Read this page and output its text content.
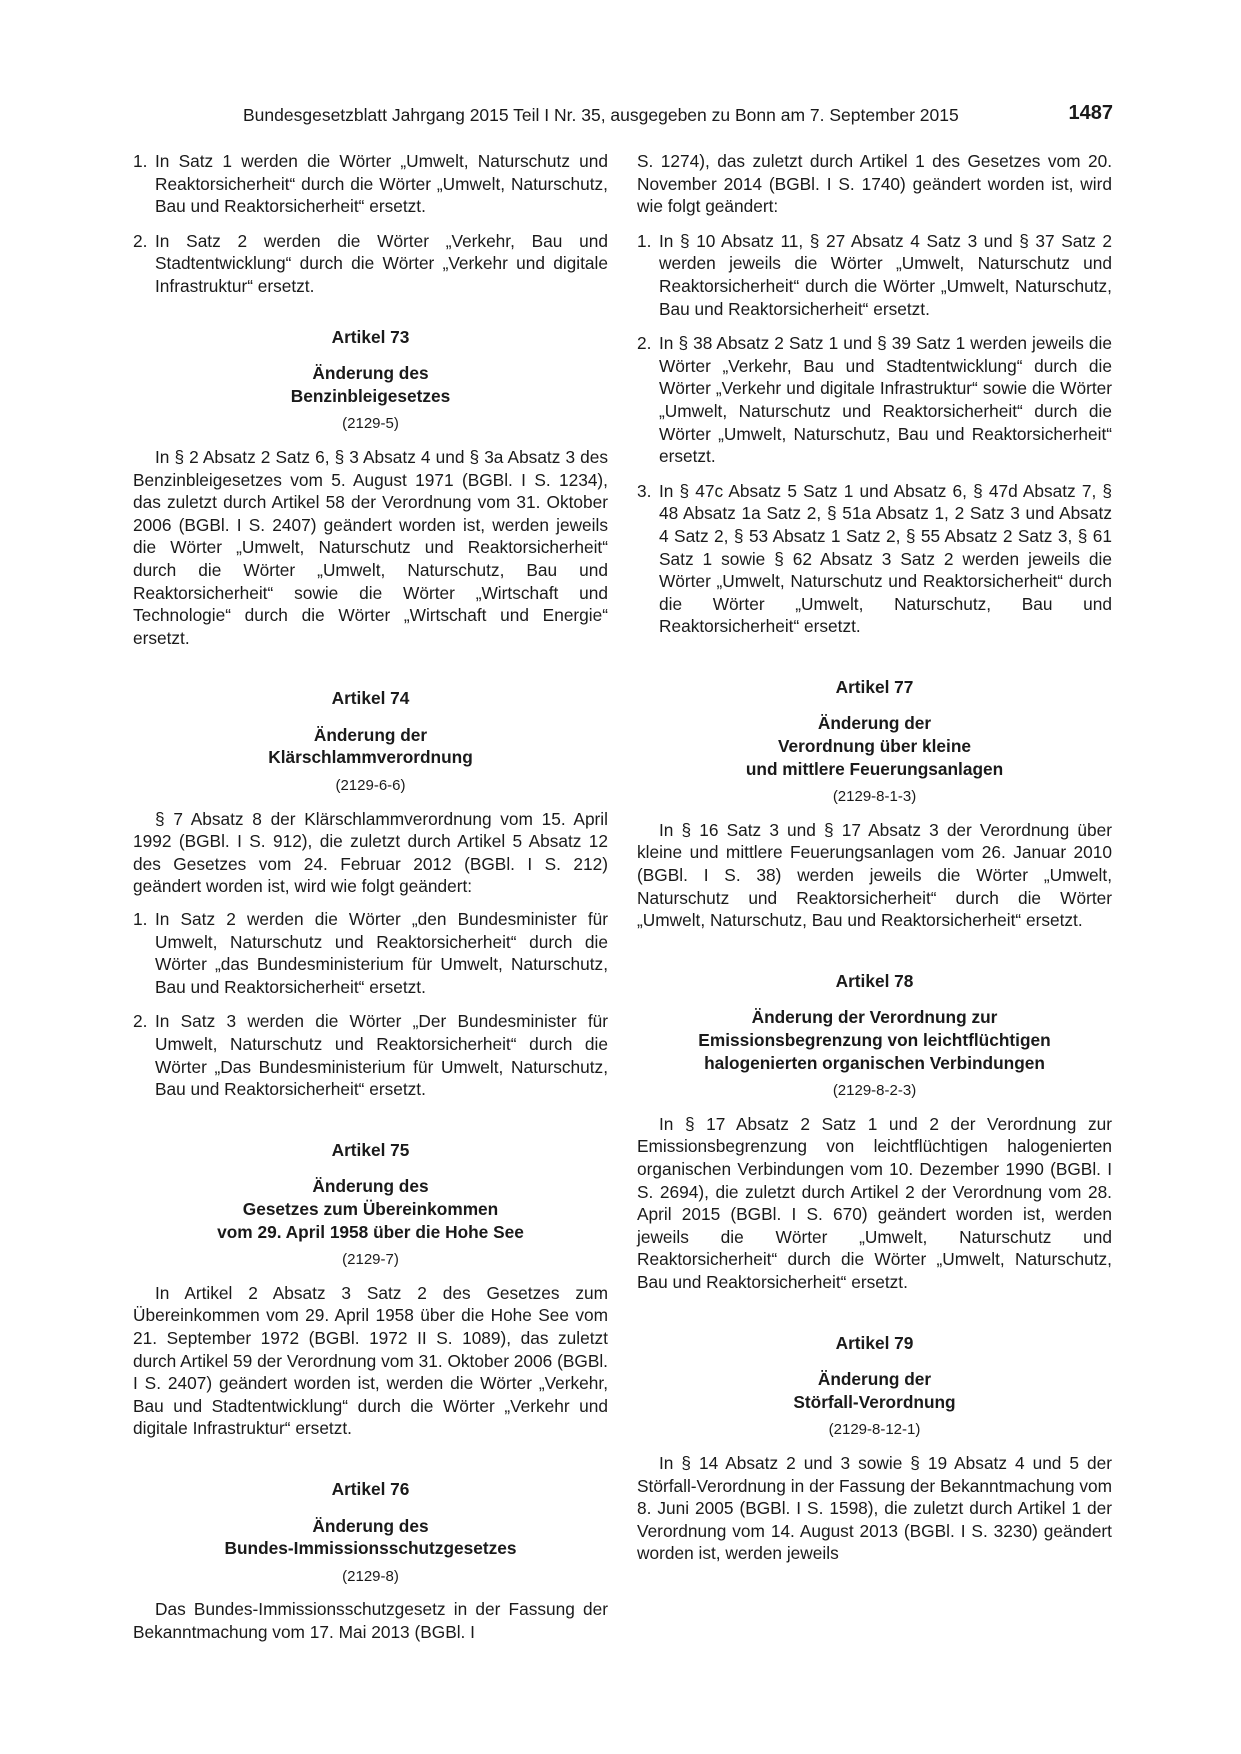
Bundesgesetzblatt Jahrgang 2015 Teil I Nr. 35, ausgegeben zu Bonn am 7. September 2015	1487
1. In Satz 1 werden die Wörter „Umwelt, Naturschutz und Reaktorsicherheit“ durch die Wörter „Umwelt, Naturschutz, Bau und Reaktorsicherheit“ ersetzt.
2. In Satz 2 werden die Wörter „Verkehr, Bau und Stadtentwicklung“ durch die Wörter „Verkehr und digitale Infrastruktur“ ersetzt.

Artikel 73

Änderung des

Benzinbleigesetzes

(2129-5)

In § 2 Absatz 2 Satz 6, § 3 Absatz 4 und § 3a Absatz 3 des Benzinbleigesetzes vom 5. August 1971 (BGBl. I S. 1234), das zuletzt durch Artikel 58 der Verordnung vom 31. Oktober 2006 (BGBl. I S. 2407) geändert worden ist, werden jeweils die Wörter „Umwelt, Naturschutz und Reaktorsicherheit“ durch die Wörter „Umwelt, Naturschutz, Bau und Reaktorsicherheit“ sowie die Wörter „Wirtschaft und Technologie“ durch die Wörter „Wirtschaft und Energie“ ersetzt.

Artikel 74

Änderung der

Klärschlammverordnung

(2129-6-6)

§ 7 Absatz 8 der Klärschlammverordnung vom 15. April 1992 (BGBl. I S. 912), die zuletzt durch Artikel 5 Absatz 12 des Gesetzes vom 24. Februar 2012 (BGBl. I S. 212) geändert worden ist, wird wie folgt geändert:

1. In Satz 2 werden die Wörter „den Bundesminister für Umwelt, Naturschutz und Reaktorsicherheit“ durch die Wörter „das Bundesministerium für Umwelt, Naturschutz, Bau und Reaktorsicherheit“ ersetzt.
2. In Satz 3 werden die Wörter „Der Bundesminister für Umwelt, Naturschutz und Reaktorsicherheit“ durch die Wörter „Das Bundesministerium für Umwelt, Naturschutz, Bau und Reaktorsicherheit“ ersetzt.

Artikel 75

Änderung des

Gesetzes zum Übereinkommen

vom 29. April 1958 über die Hohe See

(2129-7)

In Artikel 2 Absatz 3 Satz 2 des Gesetzes zum Übereinkommen vom 29. April 1958 über die Hohe See vom 21. September 1972 (BGBl. 1972 II S. 1089), das zuletzt durch Artikel 59 der Verordnung vom 31. Oktober 2006 (BGBl. I S. 2407) geändert worden ist, werden die Wörter „Verkehr, Bau und Stadtentwicklung“ durch die Wörter „Verkehr und digitale Infrastruktur“ ersetzt.

Artikel 76

Änderung des

Bundes-Immissionsschutzgesetzes

(2129-8)

Das Bundes-Immissionsschutzgesetz in der Fassung der Bekanntmachung vom 17. Mai 2013 (BGBl. I

S. 1274), das zuletzt durch Artikel 1 des Gesetzes vom 20. November 2014 (BGBl. I S. 1740) geändert worden ist, wird wie folgt geändert:

1. In § 10 Absatz 11, § 27 Absatz 4 Satz 3 und § 37 Satz 2 werden jeweils die Wörter „Umwelt, Naturschutz und Reaktorsicherheit“ durch die Wörter „Umwelt, Naturschutz, Bau und Reaktorsicherheit“ ersetzt.
2. In § 38 Absatz 2 Satz 1 und § 39 Satz 1 werden jeweils die Wörter „Verkehr, Bau und Stadtentwicklung“ durch die Wörter „Verkehr und digitale Infrastruktur“ sowie die Wörter „Umwelt, Naturschutz und Reaktorsicherheit“ durch die Wörter „Umwelt, Naturschutz, Bau und Reaktorsicherheit“ ersetzt.
3. In § 47c Absatz 5 Satz 1 und Absatz 6, § 47d Absatz 7, § 48 Absatz 1a Satz 2, § 51a Absatz 1, 2 Satz 3 und Absatz 4 Satz 2, § 53 Absatz 1 Satz 2, § 55 Absatz 2 Satz 3, § 61 Satz 1 sowie § 62 Absatz 3 Satz 2 werden jeweils die Wörter „Umwelt, Naturschutz und Reaktorsicherheit“ durch die Wörter „Umwelt, Naturschutz, Bau und Reaktorsicherheit“ ersetzt.

Artikel 77

Änderung der

Verordnung über kleine

und mittlere Feuerungsanlagen

(2129-8-1-3)

In § 16 Satz 3 und § 17 Absatz 3 der Verordnung über kleine und mittlere Feuerungsanlagen vom 26. Januar 2010 (BGBl. I S. 38) werden jeweils die Wörter „Umwelt, Naturschutz und Reaktorsicherheit“ durch die Wörter „Umwelt, Naturschutz, Bau und Reaktorsicherheit“ ersetzt.

Artikel 78

Änderung der Verordnung zur

Emissionsbegrenzung von leichtflüchtigen

halogenierten organischen Verbindungen

(2129-8-2-3)

In § 17 Absatz 2 Satz 1 und 2 der Verordnung zur Emissionsbegrenzung von leichtflüchtigen halogenierten organischen Verbindungen vom 10. Dezember 1990 (BGBl. I S. 2694), die zuletzt durch Artikel 2 der Verordnung vom 28. April 2015 (BGBl. I S. 670) geändert worden ist, werden jeweils die Wörter „Umwelt, Naturschutz und Reaktorsicherheit“ durch die Wörter „Umwelt, Naturschutz, Bau und Reaktorsicherheit“ ersetzt.

Artikel 79

Änderung der

Störfall-Verordnung

(2129-8-12-1)

In § 14 Absatz 2 und 3 sowie § 19 Absatz 4 und 5 der Störfall-Verordnung in der Fassung der Bekanntmachung vom 8. Juni 2005 (BGBl. I S. 1598), die zuletzt durch Artikel 1 der Verordnung vom 14. August 2013 (BGBl. I S. 3230) geändert worden ist, werden jeweils
